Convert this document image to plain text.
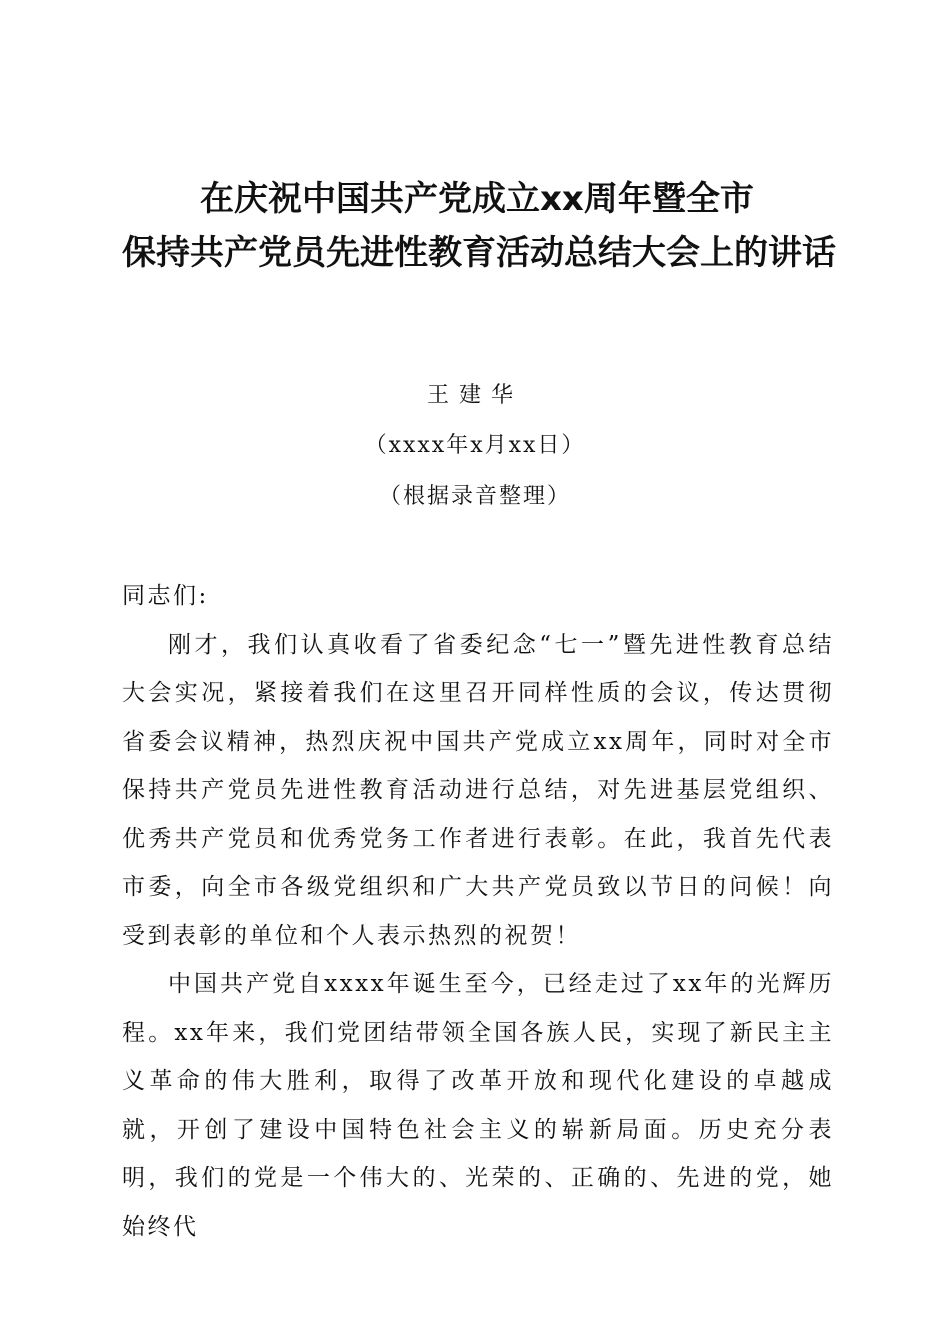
在庆祝中国共产党成立xx周年暨全市
保持共产党员先进性教育活动总结大会上的讲话
王建华
（xxxx年x月xx日）
（根据录音整理）

同志们:

刚才，我们认真收看了省委纪念“七一”暨先进性教育总结大会实况，紧接着我们在这里召开同样性质的会议，传达贯彻省委会议精神，热烈庆祝中国共产党成立xx周年，同时对全市保持共产党员先进性教育活动进行总结，对先进基层党组织、优秀共产党员和优秀党务工作者进行表彰。在此，我首先代表市委，向全市各级党组织和广大共产党员致以节日的问候！向受到表彰的单位和个人表示热烈的祝贺！

中国共产党自xxxx年诞生至今，已经走过了xx年的光辉历程。xx年来，我们党团结带领全国各族人民，实现了新民主主义革命的伟大胜利，取得了改革开放和现代化建设的卓越成就，开创了建设中国特色社会主义的崭新局面。历史充分表明，我们的党是一个伟大的、光荣的、正确的、先进的党，她始终代
